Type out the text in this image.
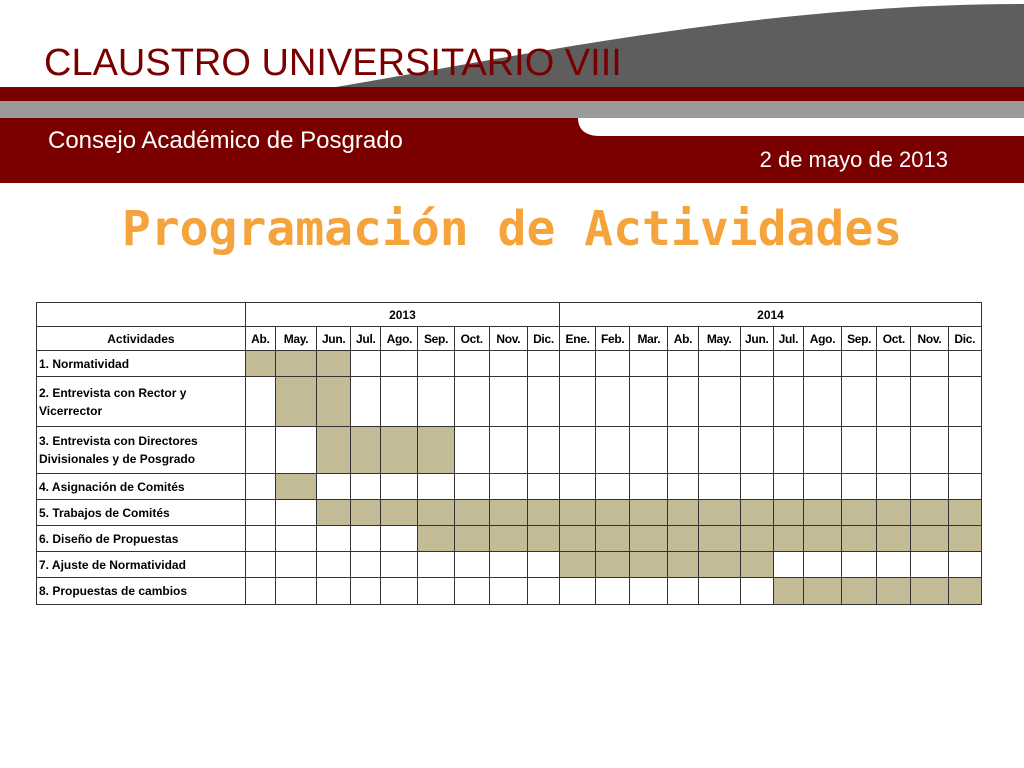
CLAUSTRO UNIVERSITARIO VIII
Consejo Académico de Posgrado
2 de mayo de 2013
Programación de Actividades
	2013									2014											
Actividades	Ab.	May.	Jun.	Jul.	Ago.	Sep.	Oct.	Nov.	Dic.	Ene.	Feb.	Mar.	Ab.	May.	Jun.	Jul.	Ago.	Sep.	Oct.	Nov.	Dic.
1. Normatividad																					
2. Entrevista con Rector y Vicerrector																					
3. Entrevista con Directores Divisionales y de Posgrado																					
4. Asignación de Comités																					
5. Trabajos de Comités																					
6. Diseño de Propuestas																					
7. Ajuste de Normatividad																					
8. Propuestas de cambios																					
